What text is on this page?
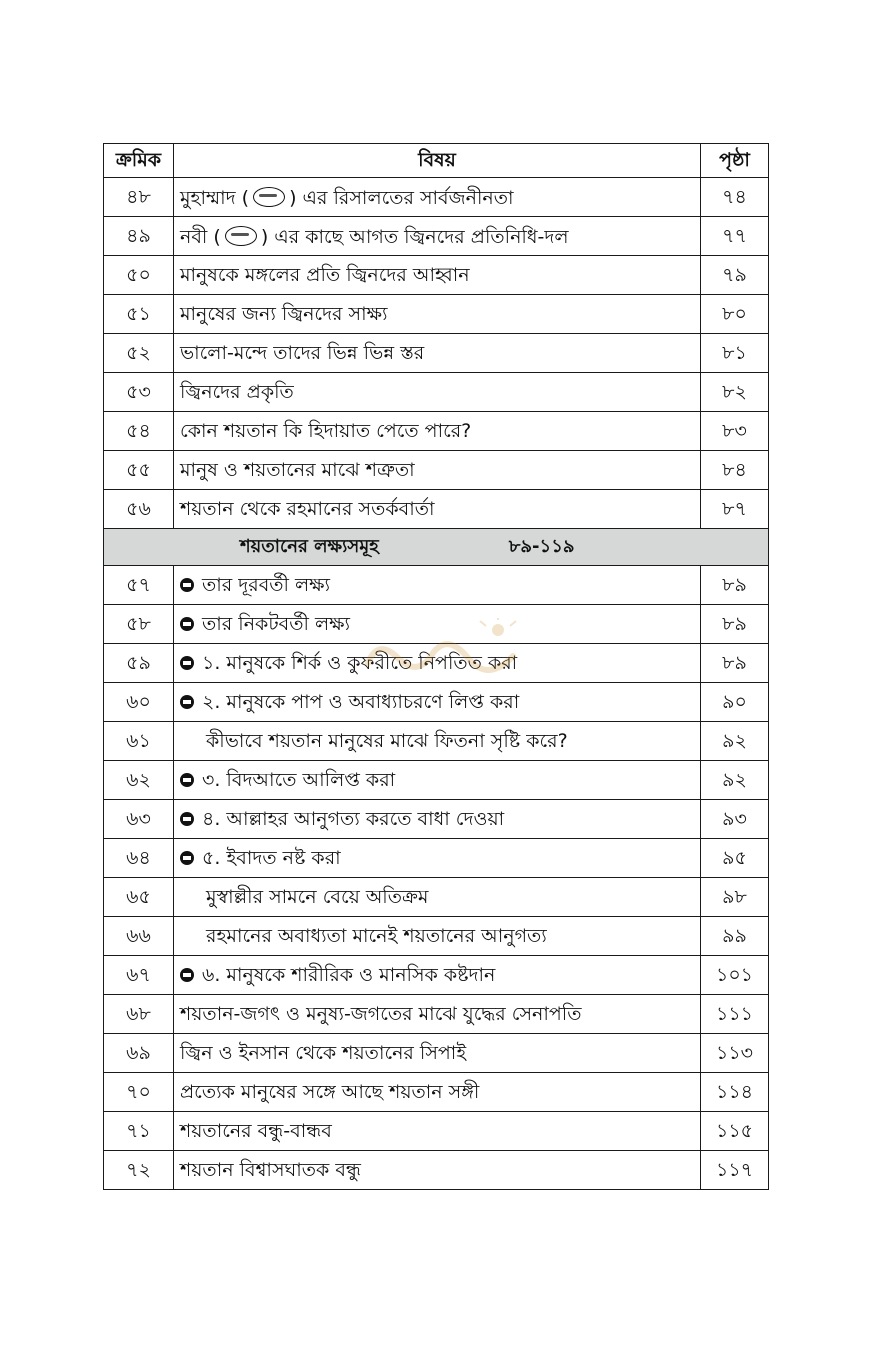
ক্রমিক	বিষয়	পৃষ্ঠা
৪৮	মুহাম্মাদ ( ) এর রিসালতের সার্বজনীনতা	৭৪
৪৯	নবী ( ) এর কাছে আগত জ্বিনদের প্রতিনিধি-দল	৭৭
৫০	মানুষকে মঙ্গলের প্রতি জ্বিনদের আহ্বান	৭৯
৫১	মানুষের জন্য জ্বিনদের সাক্ষ্য	৮০
৫২	ভালো-মন্দে তাদের ভিন্ন ভিন্ন স্তর	৮১
৫৩	জ্বিনদের প্রকৃতি	৮২
৫৪	কোন শয়তান কি হিদায়াত পেতে পারে?	৮৩
৫৫	মানুষ ও শয়তানের মাঝে শত্রুতা	৮৪
৫৬	শয়তান থেকে রহমানের সতর্কবার্তা	৮৭

শয়তানের লক্ষ্যসমূহ ৮৯-১১৯		

৫৭	তার দূরবর্তী লক্ষ্য	৮৯
৫৮	তার নিকটবর্তী লক্ষ্য	৮৯
৫৯	১. মানুষকে শির্ক ও কুফরীতে নিপতিত করা	৮৯
৬০	২. মানুষকে পাপ ও অবাধ্যাচরণে লিপ্ত করা	৯০
৬১	কীভাবে শয়তান মানুষের মাঝে ফিতনা সৃষ্টি করে?	৯২
৬২	৩. বিদআতে আলিপ্ত করা	৯২
৬৩	৪. আল্লাহর আনুগত্য করতে বাধা দেওয়া	৯৩
৬৪	৫. ইবাদত নষ্ট করা	৯৫
৬৫	মুস্বাল্লীর সামনে বেয়ে অতিক্রম	৯৮
৬৬	রহমানের অবাধ্যতা মানেই শয়তানের আনুগত্য	৯৯
৬৭	৬. মানুষকে শারীরিক ও মানসিক কষ্টদান	১০১
৬৮	শয়তান-জগৎ ও মনুষ্য-জগতের মাঝে যুদ্ধের সেনাপতি	১১১
৬৯	জ্বিন ও ইনসান থেকে শয়তানের সিপাই	১১৩
৭০	প্রত্যেক মানুষের সঙ্গে আছে শয়তান সঙ্গী	১১৪
৭১	শয়তানের বন্ধু-বান্ধব	১১৫
৭২	শয়তান বিশ্বাসঘাতক বন্ধু	১১৭
